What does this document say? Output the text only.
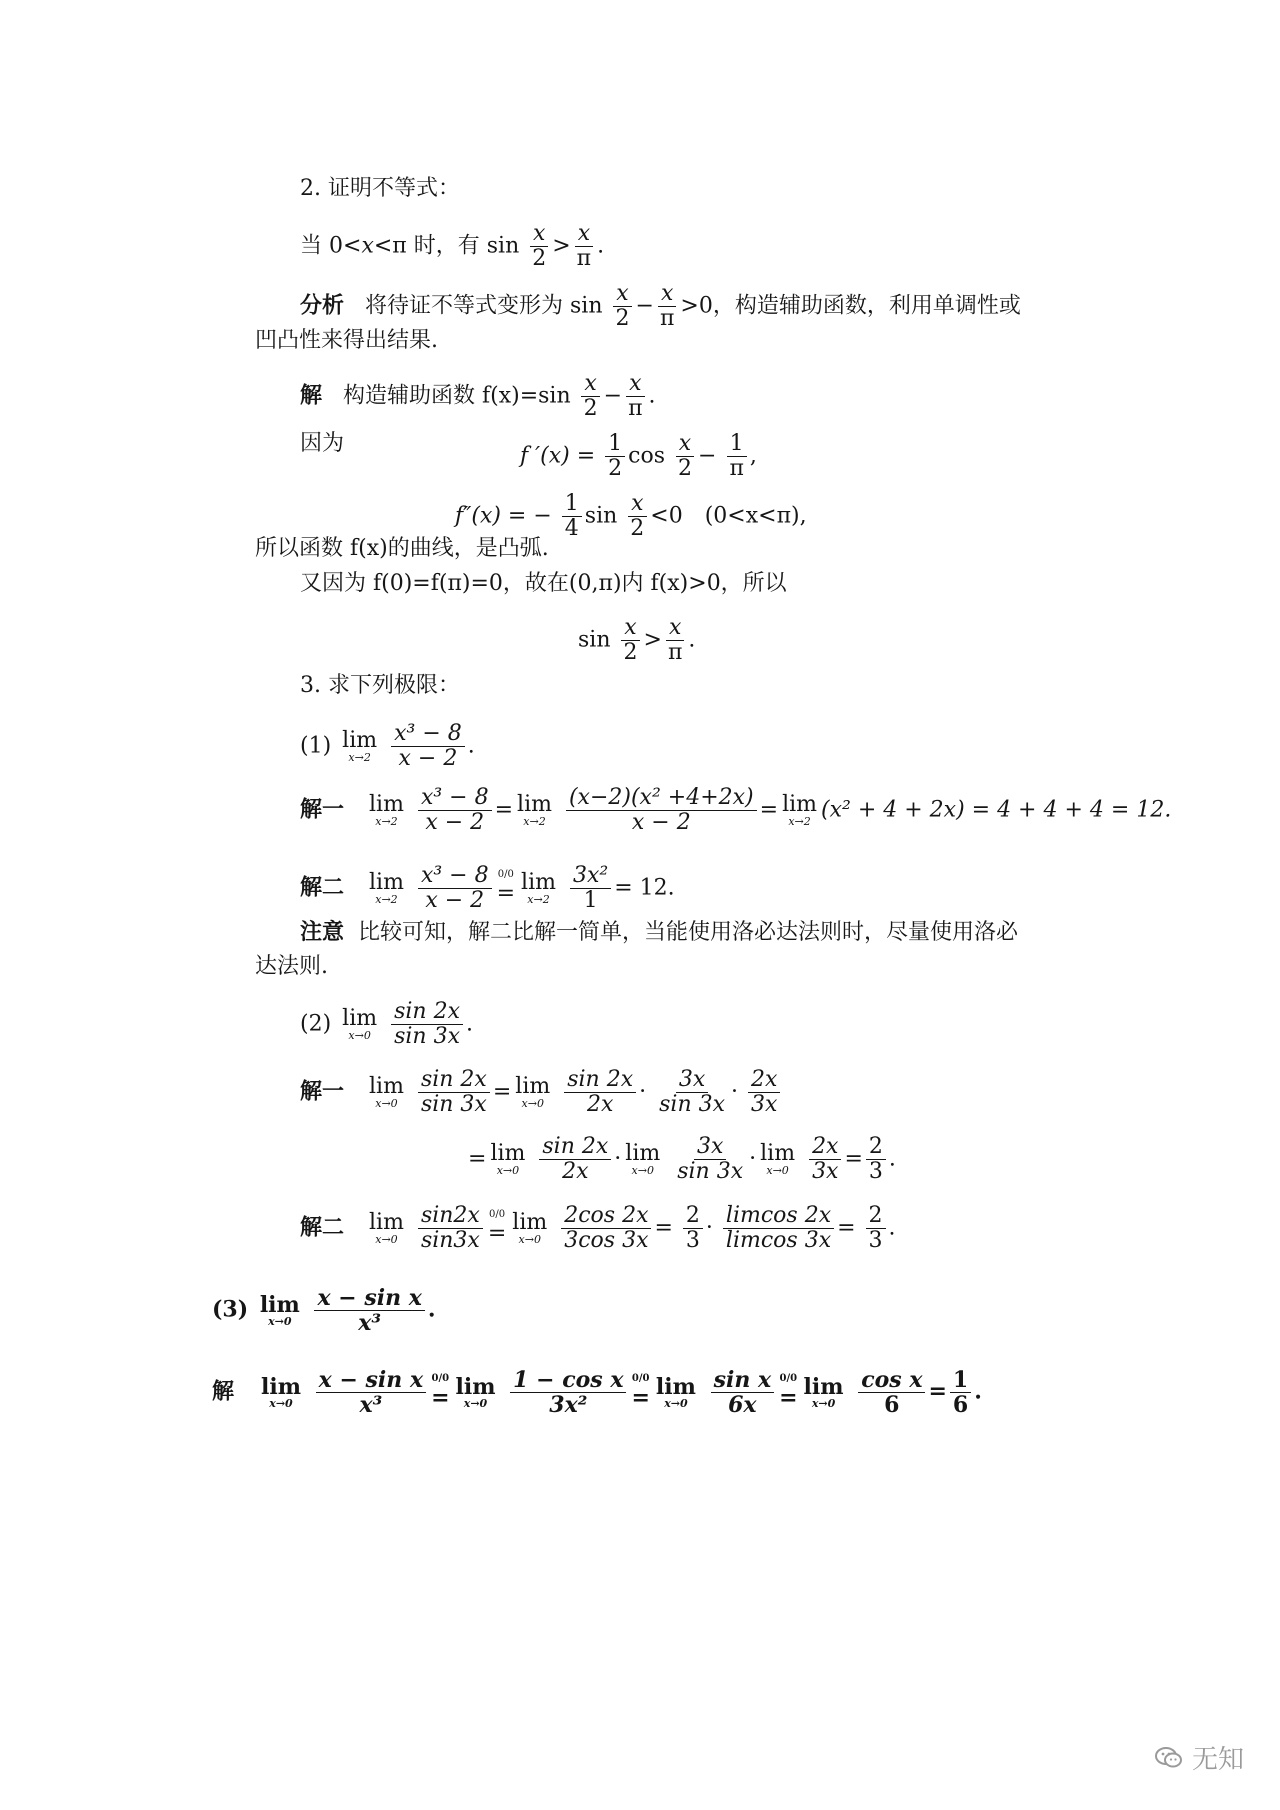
2. 证明不等式：
当 0<x<π 时，有 $\sin \frac{x}{2} > \frac{x}{\pi}$ .
分析 将待证不等式变形为 $\sin \frac{x}{2} - \frac{x}{\pi} >0$，构造辅助函数，利用单调性或
凹凸性来得出结果.
解 构造辅助函数 $f(x)=\sin \frac{x}{2} - \frac{x}{\pi}$ .
因为	f $'(x) = \frac{1}{2}$ $\cos \frac{x}{2} - \frac{1}{\pi}$ ,
f″(x) = − $\frac{1}{4}$ $\sin \frac{x}{2} <0$　(0<x<π),
所以函数 f(x)的曲线，是凸弧.
又因为 f(0)=f(π)=0，故在(0,π)内 f(x)>0，所以
$\sin \frac{x}{2} > \frac{x}{\pi}$ .
3. 求下列极限：
(1) lim
x→2
$\frac{\text{x³ − 8}}{x - 2}$ .
解一 lim
x→2
$\frac{\text{x³ − 8}}{x - 2} = \lim$
x→2
$\frac{\text{(x−2)(x² +4+2x)}}{x - 2} = \lim$
x→2 (x² + 4 + 2x) = 4 + 4 + 4 = 12.
解二 lim
x→2
$\frac{\text{x³ − 8}}{x - 2} 0/0$
= lim
x→2
$\frac{\text{3x²}}{1} = 12$.
注意 比较可知，解二比解一简单，当能使用洛必达法则时，尽量使用洛必
达法则.
(2) lim
x→0
$\frac{\sin 2x}{\sin 3x}$ .
解一 lim
x→0
$\frac{\sin 2x}{\sin 3x} = \lim$
x→0
$\frac{\sin 2x}{2x} \cdot \frac{3x}{\sin 3x} \cdot \frac{2x}{3x}$
= lim
x→0
$\frac{\sin 2x}{2x} \cdot \lim$
x→0
$\frac{3x}{\sin 3x} \cdot \lim$
x→0
$\frac{2x}{3x} = \frac{2}{3}$ .
解二 lim
x→0
$\frac{\sin 2x}{\sin 3x} 0/0$
= lim
x→0
$\frac{2\cos 2x}{3\cos 3x} = \frac{2}{3} \cdot \frac{\text{limcos 2x}}{\text{limcos 3x}} = \frac{2}{3}$ .
(3) lim
x→0
$\frac{\text{x − sin x}}{\text{x³}}$ .
解 lim
x→0
$\frac{\text{x − sin x}}{\text{x³}} 0/0$
= lim
x→0
$\frac{\text{1 − cos x}}{\text{3x²}} 0/0$
= lim
x→0
$\frac{\text{sin x}}{6x} 0/0$
= lim
x→0
$\frac{\text{cos x}}{6} = \frac{1}{6}$ .
无知
